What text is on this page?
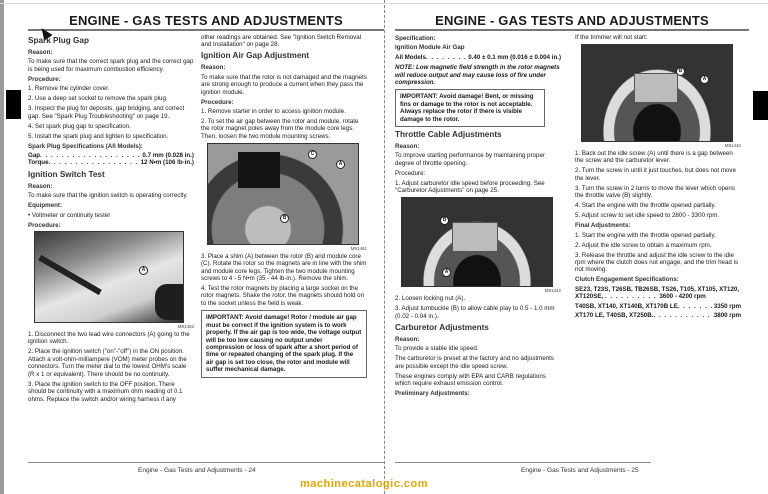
ENGINE - GAS TESTS AND ADJUSTMENTS
Spark Plug Gap
Reason:

To make sure that the correct spark plug and the correct gap is being used for maximum combustion efficiency.

Procedure:

1. Remove the cylinder cover.

2. Use a deep set socket to remove the spark plug.

3. Inspect the plug for deposits, gap bridging, and correct gap. See "Spark Plug Troubleshooting" on page 19.

4. Set spark plug gap to specification.

5. Install the spark plug and tighten to specification.

Spark Plug Specifications (All Models):
Gap . . .	0.7 mm (0.028 in.)
Torque . . .	12 N•m (106 lb-in.)
Ignition Switch Test
Reason:

To make sure that the ignition switch is operating correctly.

Equipment:

• Voltmeter or continuity tester

Procedure:
A
M91462

1. Disconnect the two lead wire connectors (A) going to the ignition switch.

2. Place the ignition switch ("on"-"off") in the ON position. Attach a volt-ohm-milliampere (VOM) meter probes on the connectors. Turn the meter dial to the lowest OHM's scale (R x 1 or equivalent). There should be no continuity.

3. Place the ignition switch to the OFF position. There should be continuity with a maximum ohm reading of 0.1 ohms. Replace the switch and/or wiring harness if any

other readings are obtained. See "Ignition Switch Removal and Installation" on page 28.

Ignition Air Gap Adjustment
Reason:

To make sure that the rotor is not damaged and the magnets are strong enough to produce a current when they pass the ignition module.

Procedure:

1. Remove starter in order to access ignition module.

2. To set the air gap between the rotor and module, rotate the rotor magnet poles away from the module core legs. Then, loosen the two module mounting screws.

C
A
B
M91461

3. Place a shim (A) between the rotor (B) and module core (C). Rotate the rotor so the magnets are in line with the shim and module core legs. Tighten the two module mounting screws to 4 - 5 N•m (35 - 44 lb-in.). Remove the shim.

4. Test the rotor magnets by placing a large socket on the rotor magnets. Shake the rotor, the magnets should hold on to the socket unless the field is weak.

IMPORTANT: Avoid damage! Rotor / module air gap must be correct if the ignition system is to work properly. If the air gap is too wide, the voltage output will be too low causing no output under compression or loss of spark after a short period of time or repeated changing of the spark plug. If the air gap is set too close, the rotor and module will suffer mechanical damage.
Engine - Gas Tests and Adjustments - 24
ENGINE - GAS TESTS AND ADJUSTMENTS
Specification:
Ignition Module Air Gap
All Models . . .	0.40 ± 0.1 mm (0.016 ± 0.004 in.)

NOTE: Low magnetic field strength in the rotor magnets will reduce output and may cause loss of fire under compression.

IMPORTANT: Avoid damage! Bent, or missing fins or damage to the rotor is not acceptable. Always replace the rotor if there is visible damage to the rotor.
Throttle Cable Adjustments
Reason:

To improve starting performance by maintaining proper degree of throttle opening.

Procedure:

1. Adjust carburetor idle speed before proceeding. See "Carburetor Adjustments" on page 25.

B
A
M91442

2. Loosen locking nut (A).

3. Adjust turnbuckle (B) to allow cable play to 0.5 - 1.0 mm (0.02 - 0.04 in.).

Carburetor Adjustments
Reason:

To provide a stable idle speed.

The carburetor is preset at the factory and no adjustments are possible except the idle speed screw.

These engines comply with EPA and CARB regulations which require exhaust emission control.

Preliminary Adjustments:

If the trimmer will not start:

B
A
M91442

1. Back out the idle screw (A) until there is a gap between the screw and the carburetor lever.

2. Turn the screw in until it just touches, but does not move the lever.

3. Turn the screw in 2 turns to move the lever which opens the throttle valve (B) slightly.

4. Start the engine with the throttle opened partially.

5. Adjust screw to set idle speed to 2800 - 3300 rpm.

Final Adjustments:

1. Start the engine with the throttle opened partially.

2. Adjust the idle screw to obtain a maximum rpm.

3. Release the throttle and adjust the idle screw to the idle rpm where the clutch does not engage, and the trim head is not moving.

Clutch Engagement Specifications:
SE23, T23S, T26SB, TB26SB, TS26, T105, XT105, XT120, XT120SE, . . . . . . . . . . 3600 - 4200 rpm
T40SB, XT140, XT140B, XT170B LE . . .	3350 rpm
XT170 LE, T40SB, XT250B. . . .	3800 rpm
Engine - Gas Tests and Adjustments - 25
machinecatalogic.com
